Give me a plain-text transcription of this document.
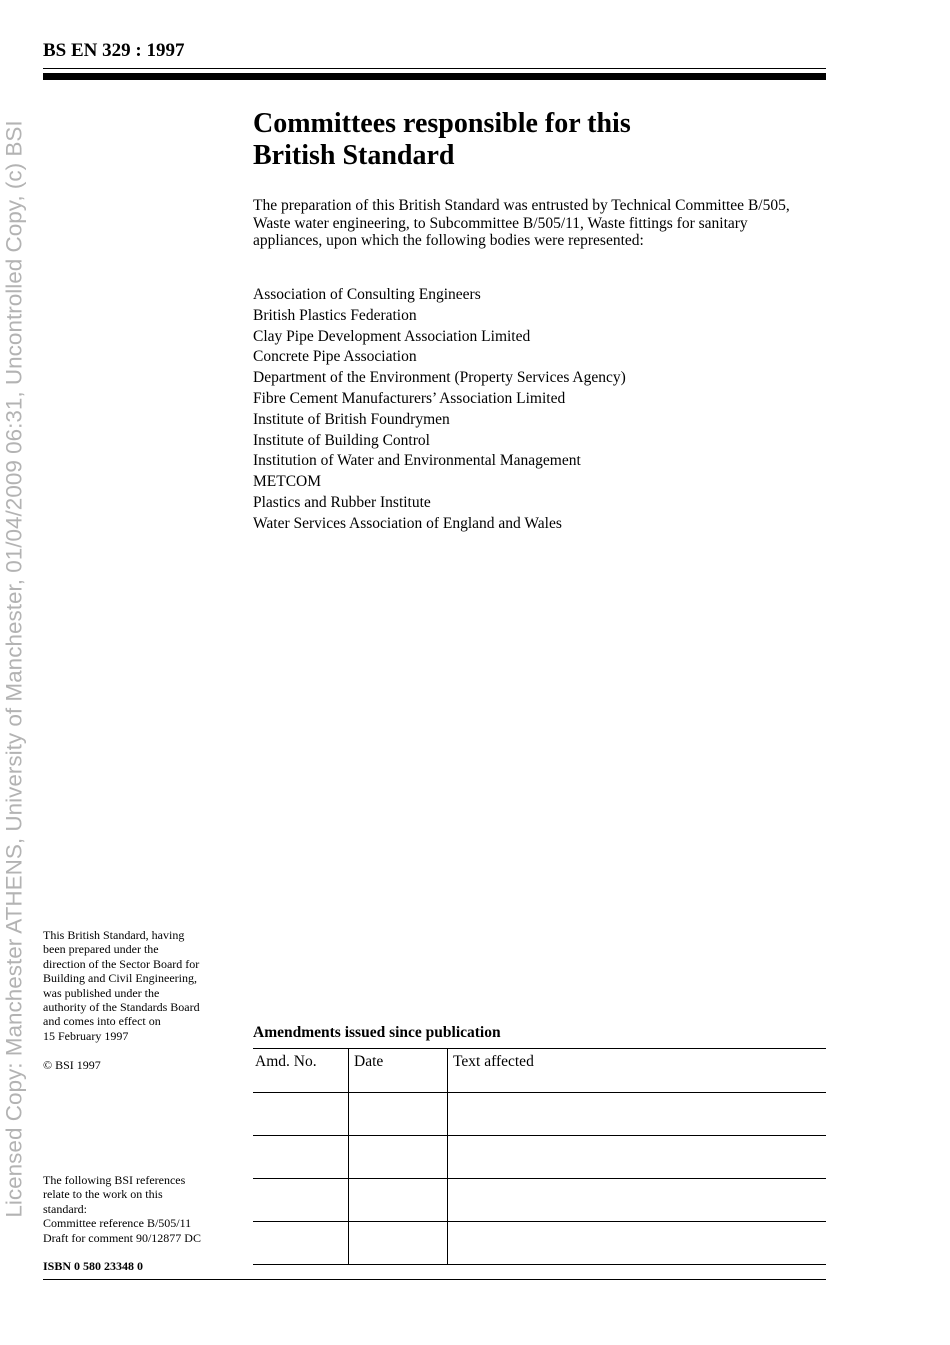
Licensed Copy: Manchester ATHENS, University of Manchester, 01/04/2009 06:31, Uncontrolled Copy, (c) BSI
BS EN 329 : 1997
Committees responsible for this
British Standard

The preparation of this British Standard was entrusted by Technical Committee B/505, Waste water engineering, to Subcommittee B/505/11, Waste fittings for sanitary appliances, upon which the following bodies were represented:

Association of Consulting Engineers
British Plastics Federation
Clay Pipe Development Association Limited
Concrete Pipe Association
Department of the Environment (Property Services Agency)
Fibre Cement Manufacturers’ Association Limited
Institute of British Foundrymen
Institute of Building Control
Institution of Water and Environmental Management
METCOM
Plastics and Rubber Institute
Water Services Association of England and Wales
This British Standard, having
been prepared under the
direction of the Sector Board for
Building and Civil Engineering,
was published under the
authority of the Standards Board
and comes into effect on
15 February 1997
© BSI 1997
The following BSI references
relate to the work on this
standard:
Committee reference B/505/11
Draft for comment 90/12877 DC
ISBN 0 580 23348 0
Amendments issued since publication
Amd. No.	Date	Text affected
